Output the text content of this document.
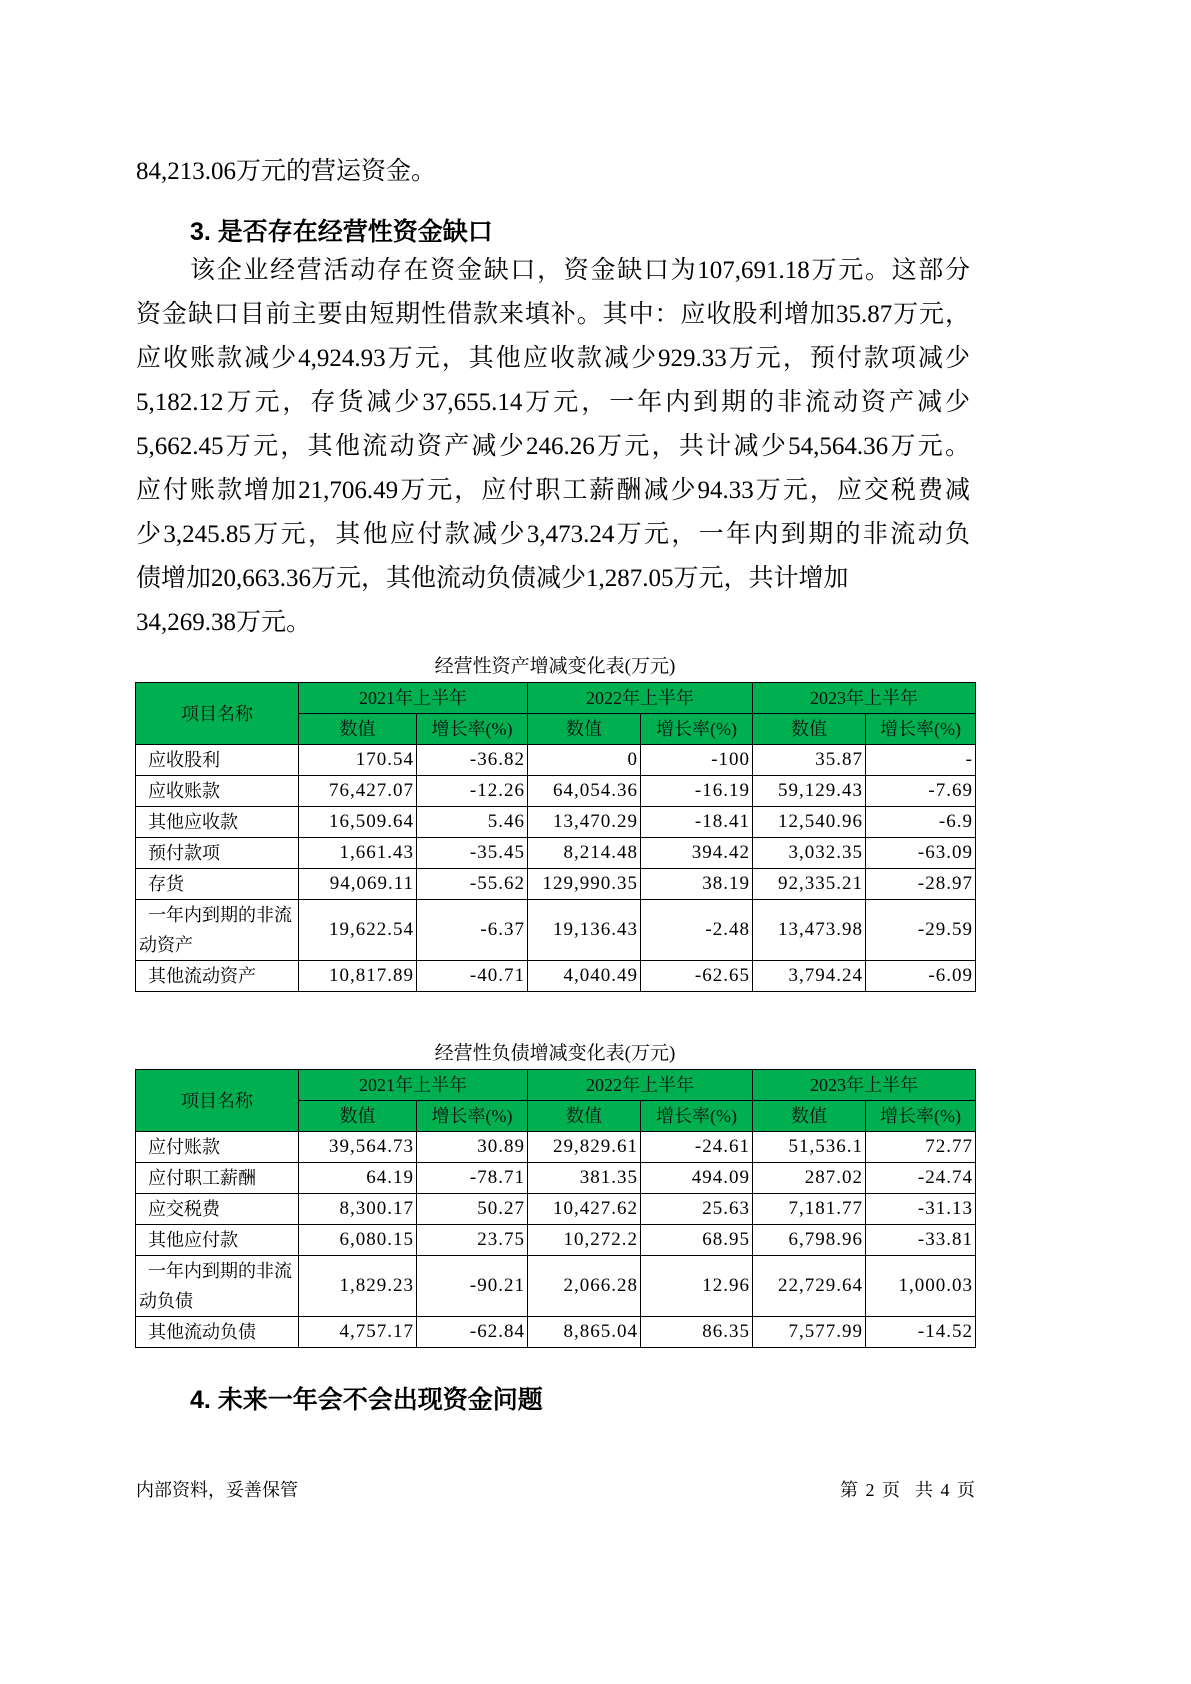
84,213.06万元的营运资金。
3. 是否存在经营性资金缺口
该企业经营活动存在资金缺口，资金缺口为107,691.18万元。这部分
资金缺口目前主要由短期性借款来填补。其中：应收股利增加35.87万元，
应收账款减少4,924.93万元，其他应收款减少929.33万元，预付款项减少
5,182.12万元，存货减少37,655.14万元，一年内到期的非流动资产减少
5,662.45万元，其他流动资产减少246.26万元，共计减少54,564.36万元。
应付账款增加21,706.49万元，应付职工薪酬减少94.33万元，应交税费减
少3,245.85万元，其他应付款减少3,473.24万元，一年内到期的非流动负
债增加20,663.36万元，其他流动负债减少1,287.05万元，共计增加
34,269.38万元。
经营性资产增减变化表(万元)
项目名称	2021年上半年		2022年上半年		2023年上半年	
	数值	增长率(%)	数值	增长率(%)	数值	增长率(%)
应收股利	170.54	-36.82	0	-100	35.87	-
应收账款	76,427.07	-12.26	64,054.36	-16.19	59,129.43	-7.69
其他应收款	16,509.64	5.46	13,470.29	-18.41	12,540.96	-6.9
预付款项	1,661.43	-35.45	8,214.48	394.42	3,032.35	-63.09
存货	94,069.11	-55.62	129,990.35	38.19	92,335.21	-28.97
一年内到期的非流动资产	19,622.54	-6.37	19,136.43	-2.48	13,473.98	-29.59
其他流动资产	10,817.89	-40.71	4,040.49	-62.65	3,794.24	-6.09
经营性负债增减变化表(万元)
项目名称	2021年上半年		2022年上半年		2023年上半年	
	数值	增长率(%)	数值	增长率(%)	数值	增长率(%)
应付账款	39,564.73	30.89	29,829.61	-24.61	51,536.1	72.77
应付职工薪酬	64.19	-78.71	381.35	494.09	287.02	-24.74
应交税费	8,300.17	50.27	10,427.62	25.63	7,181.77	-31.13
其他应付款	6,080.15	23.75	10,272.2	68.95	6,798.96	-33.81
一年内到期的非流动负债	1,829.23	-90.21	2,066.28	12.96	22,729.64	1,000.03
其他流动负债	4,757.17	-62.84	8,865.04	86.35	7,577.99	-14.52
4. 未来一年会不会出现资金问题
内部资料，妥善保管	第 2 页  共 4 页
